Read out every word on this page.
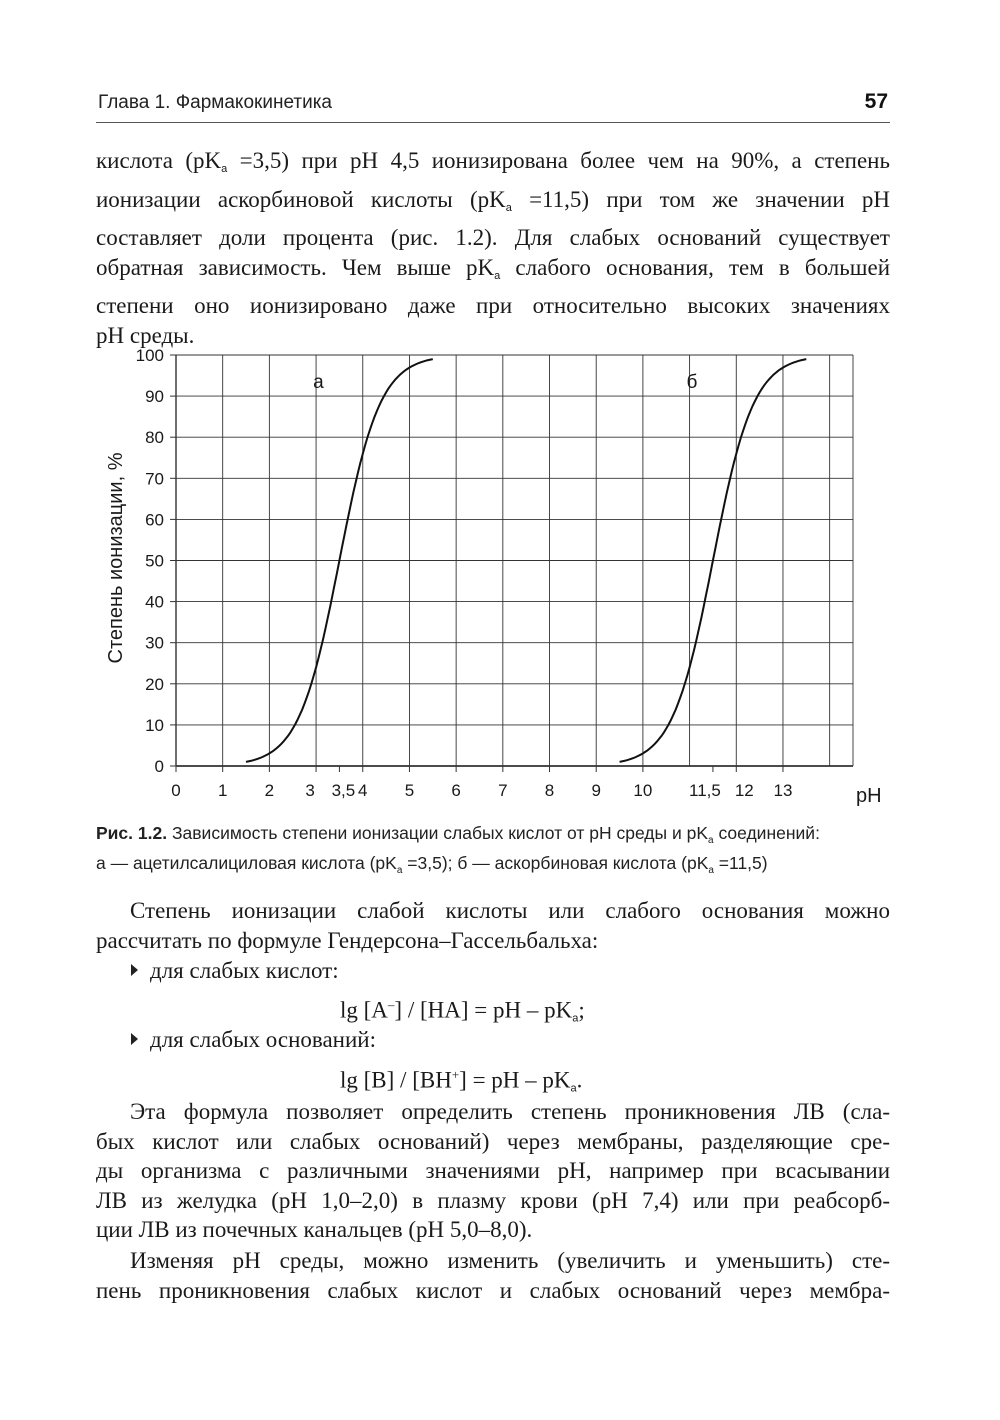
Глава 1. Фармакокинетика	57
кислота $(pK_а =3,5)$ при pH 4,5 ионизирована более чем на 90%, а степень
ионизации аскорбиновой кислоты $(pK_а =11,5)$ при том же значении pH
составляет доли процента (рис. 1.2). Для слабых оснований существует
обратная зависимость. Чем выше $pK_а$ слабого основания, тем в большей
степени оно ионизировано даже при относительно высоких значениях
pH среды.
а	б
0
10
20
30
40
50
60
70
80
90
100
0 1 2 3 3,5 4 5 6 7 8 9 10 11,5 12 13
Степень ионизации, %
pH
Рис. 1.2. Зависимость степени ионизации слабых кислот от pH среды и $pK_а$ соединений:
а — ацетилсалициловая кислота $(pK_а =3,5)$; б — аскорбиновая кислота $(pK_а =11,5)$
Степень ионизации слабой кислоты или слабого основания можно
рассчитать по формуле Гендерсона–Гассельбальха:
для слабых кислот:
lg [A–] / [HA] = pH – $pK_а$;
для слабых оснований:
lg [B] / [BH+] = pH – $pK_а$.
Эта формула позволяет определить степень проникновения ЛВ (сла-
бых кислот или слабых оснований) через мембраны, разделяющие сре-
ды организма с различными значениями pH, например при всасывании
ЛВ из желудка (pH 1,0–2,0) в плазму крови (pH 7,4) или при реабсорб-
ции ЛВ из почечных канальцев (pH 5,0–8,0).
Изменяя pH среды, можно изменить (увеличить и уменьшить) сте-
пень проникновения слабых кислот и слабых оснований через мембра-
